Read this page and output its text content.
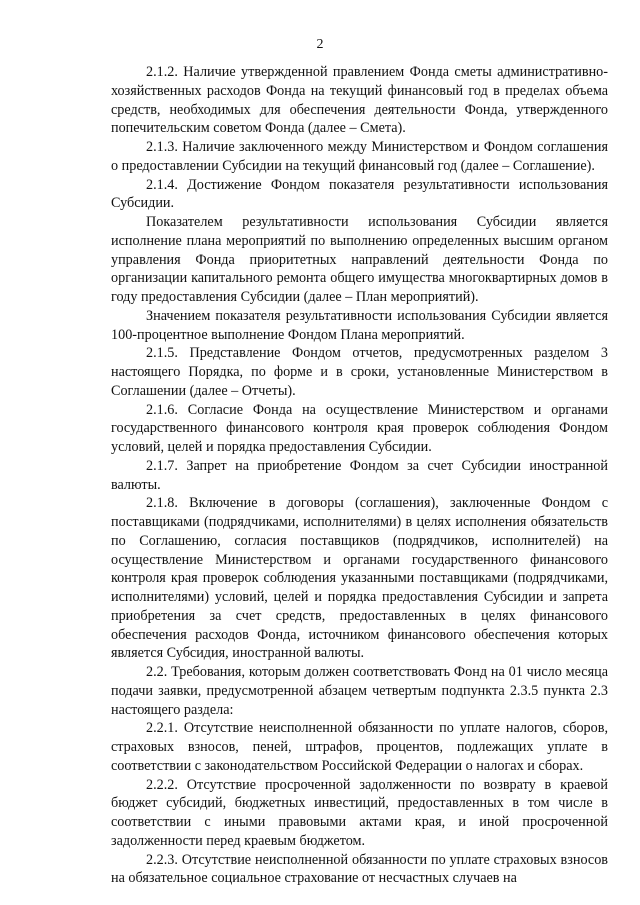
2

2.1.2. Наличие утвержденной правлением Фонда сметы административно-хозяйственных расходов Фонда на текущий финансовый год в пределах объема средств, необходимых для обеспечения деятельности Фонда, утвержденного попечительским советом Фонда (далее – Смета).

2.1.3. Наличие заключенного между Министерством и Фондом соглашения о предоставлении Субсидии на текущий финансовый год (далее – Соглашение).

2.1.4. Достижение Фондом показателя результативности использования Субсидии.

Показателем результативности использования Субсидии является исполнение плана мероприятий по выполнению определенных высшим органом управления Фонда приоритетных направлений деятельности Фонда по организации капитального ремонта общего имущества многоквартирных домов в году предоставления Субсидии (далее – План мероприятий).

Значением показателя результативности использования Субсидии является 100-процентное выполнение Фондом Плана мероприятий.

2.1.5. Представление Фондом отчетов, предусмотренных разделом 3 настоящего Порядка, по форме и в сроки, установленные Министерством в Соглашении (далее – Отчеты).

2.1.6. Согласие Фонда на осуществление Министерством и органами государственного финансового контроля края проверок соблюдения Фондом условий, целей и порядка предоставления Субсидии.

2.1.7. Запрет на приобретение Фондом за счет Субсидии иностранной валюты.

2.1.8. Включение в договоры (соглашения), заключенные Фондом с поставщиками (подрядчиками, исполнителями) в целях исполнения обязательств по Соглашению, согласия поставщиков (подрядчиков, исполнителей) на осуществление Министерством и органами государственного финансового контроля края проверок соблюдения указанными поставщиками (подрядчиками, исполнителями) условий, целей и порядка предоставления Субсидии и запрета приобретения за счет средств, предоставленных в целях финансового обеспечения расходов Фонда, источником финансового обеспечения которых является Субсидия, иностранной валюты.

2.2. Требования, которым должен соответствовать Фонд на 01 число месяца подачи заявки, предусмотренной абзацем четвертым подпункта 2.3.5 пункта 2.3 настоящего раздела:

2.2.1. Отсутствие неисполненной обязанности по уплате налогов, сборов, страховых взносов, пеней, штрафов, процентов, подлежащих уплате в соответствии с законодательством Российской Федерации о налогах и сборах.

2.2.2. Отсутствие просроченной задолженности по возврату в краевой бюджет субсидий, бюджетных инвестиций, предоставленных в том числе в соответствии с иными правовыми актами края, и иной просроченной задолженности перед краевым бюджетом.

2.2.3. Отсутствие неисполненной обязанности по уплате страховых взносов на обязательное социальное страхование от несчастных случаев на
